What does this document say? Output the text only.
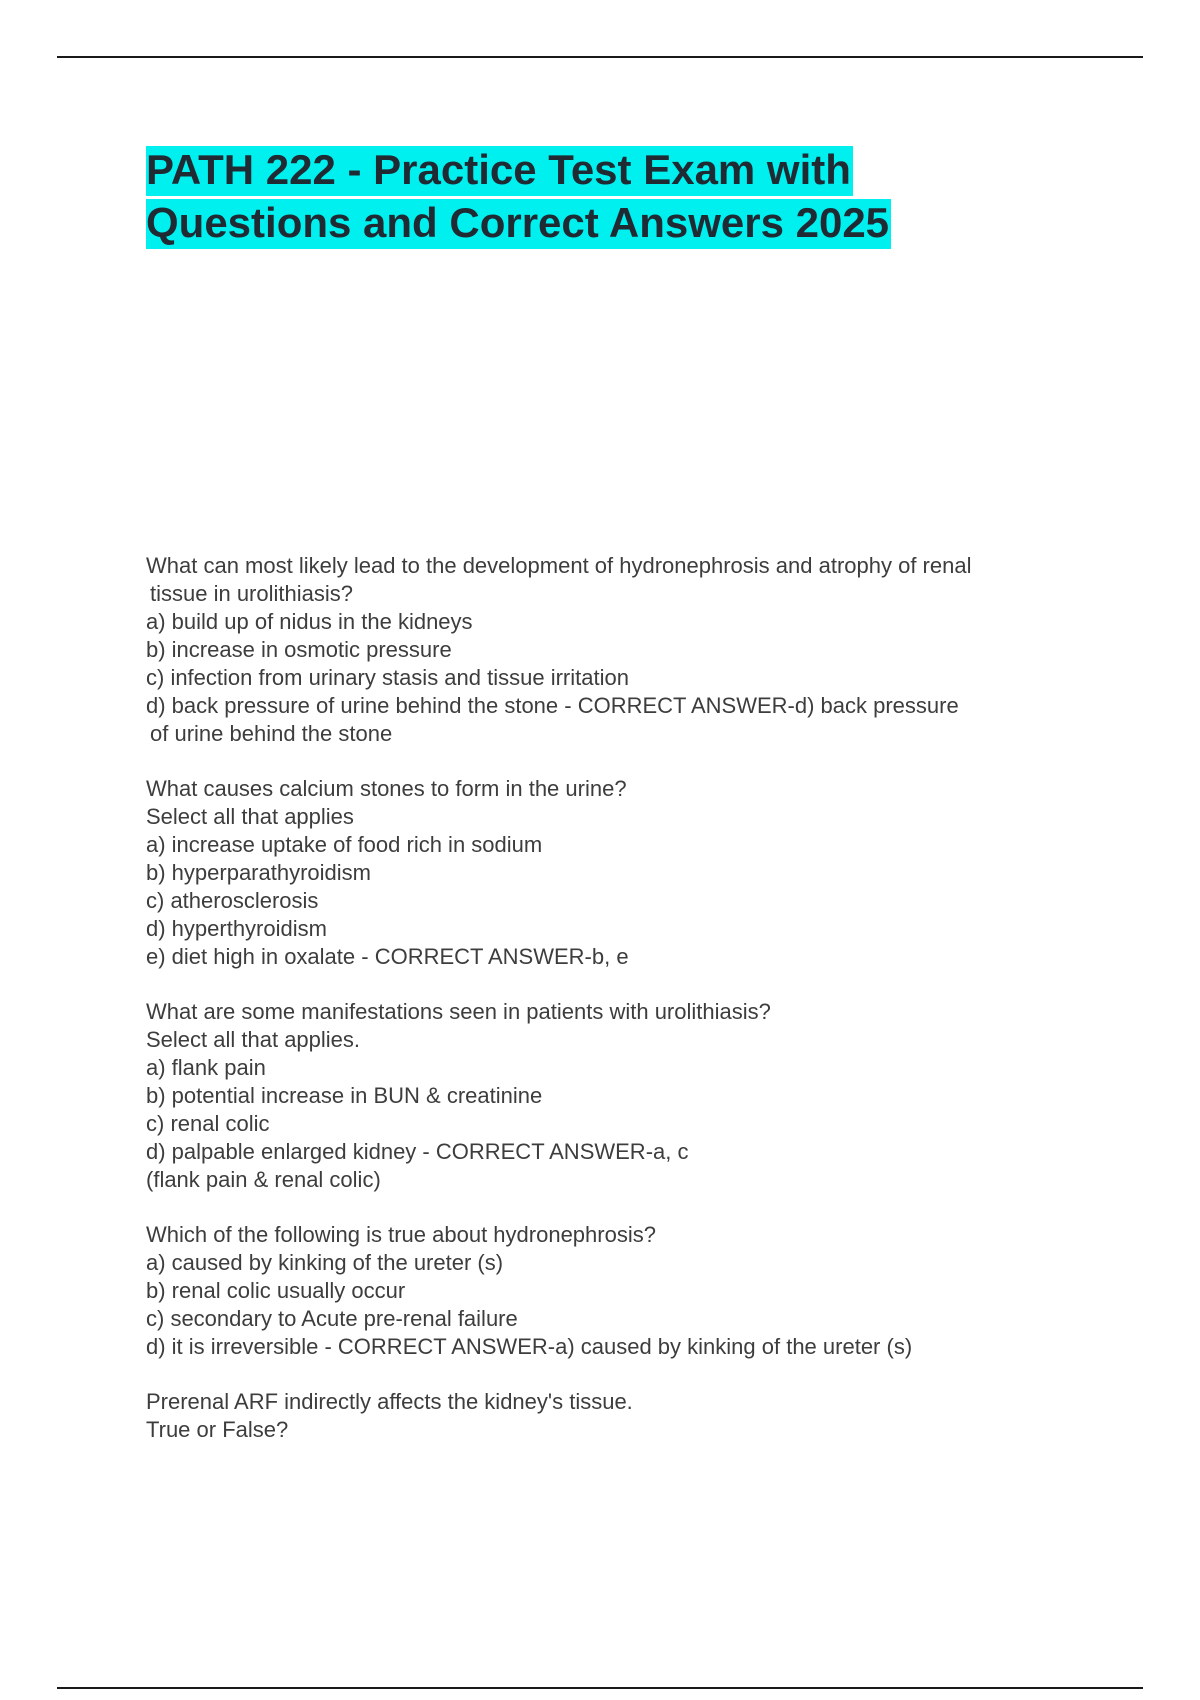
PATH 222 - Practice Test Exam with
Questions and Correct Answers 2025
What can most likely lead to the development of hydronephrosis and atrophy of renal
tissue in urolithiasis?
a) build up of nidus in the kidneys
b) increase in osmotic pressure
c) infection from urinary stasis and tissue irritation
d) back pressure of urine behind the stone - CORRECT ANSWER-d) back pressure
of urine behind the stone
What causes calcium stones to form in the urine?
Select all that applies
a) increase uptake of food rich in sodium
b) hyperparathyroidism
c) atherosclerosis
d) hyperthyroidism
e) diet high in oxalate - CORRECT ANSWER-b, e
What are some manifestations seen in patients with urolithiasis?
Select all that applies.
a) flank pain
b) potential increase in BUN & creatinine
c) renal colic
d) palpable enlarged kidney - CORRECT ANSWER-a, c
(flank pain & renal colic)
Which of the following is true about hydronephrosis?
a) caused by kinking of the ureter (s)
b) renal colic usually occur
c) secondary to Acute pre-renal failure
d) it is irreversible - CORRECT ANSWER-a) caused by kinking of the ureter (s)
Prerenal ARF indirectly affects the kidney's tissue.
True or False?
